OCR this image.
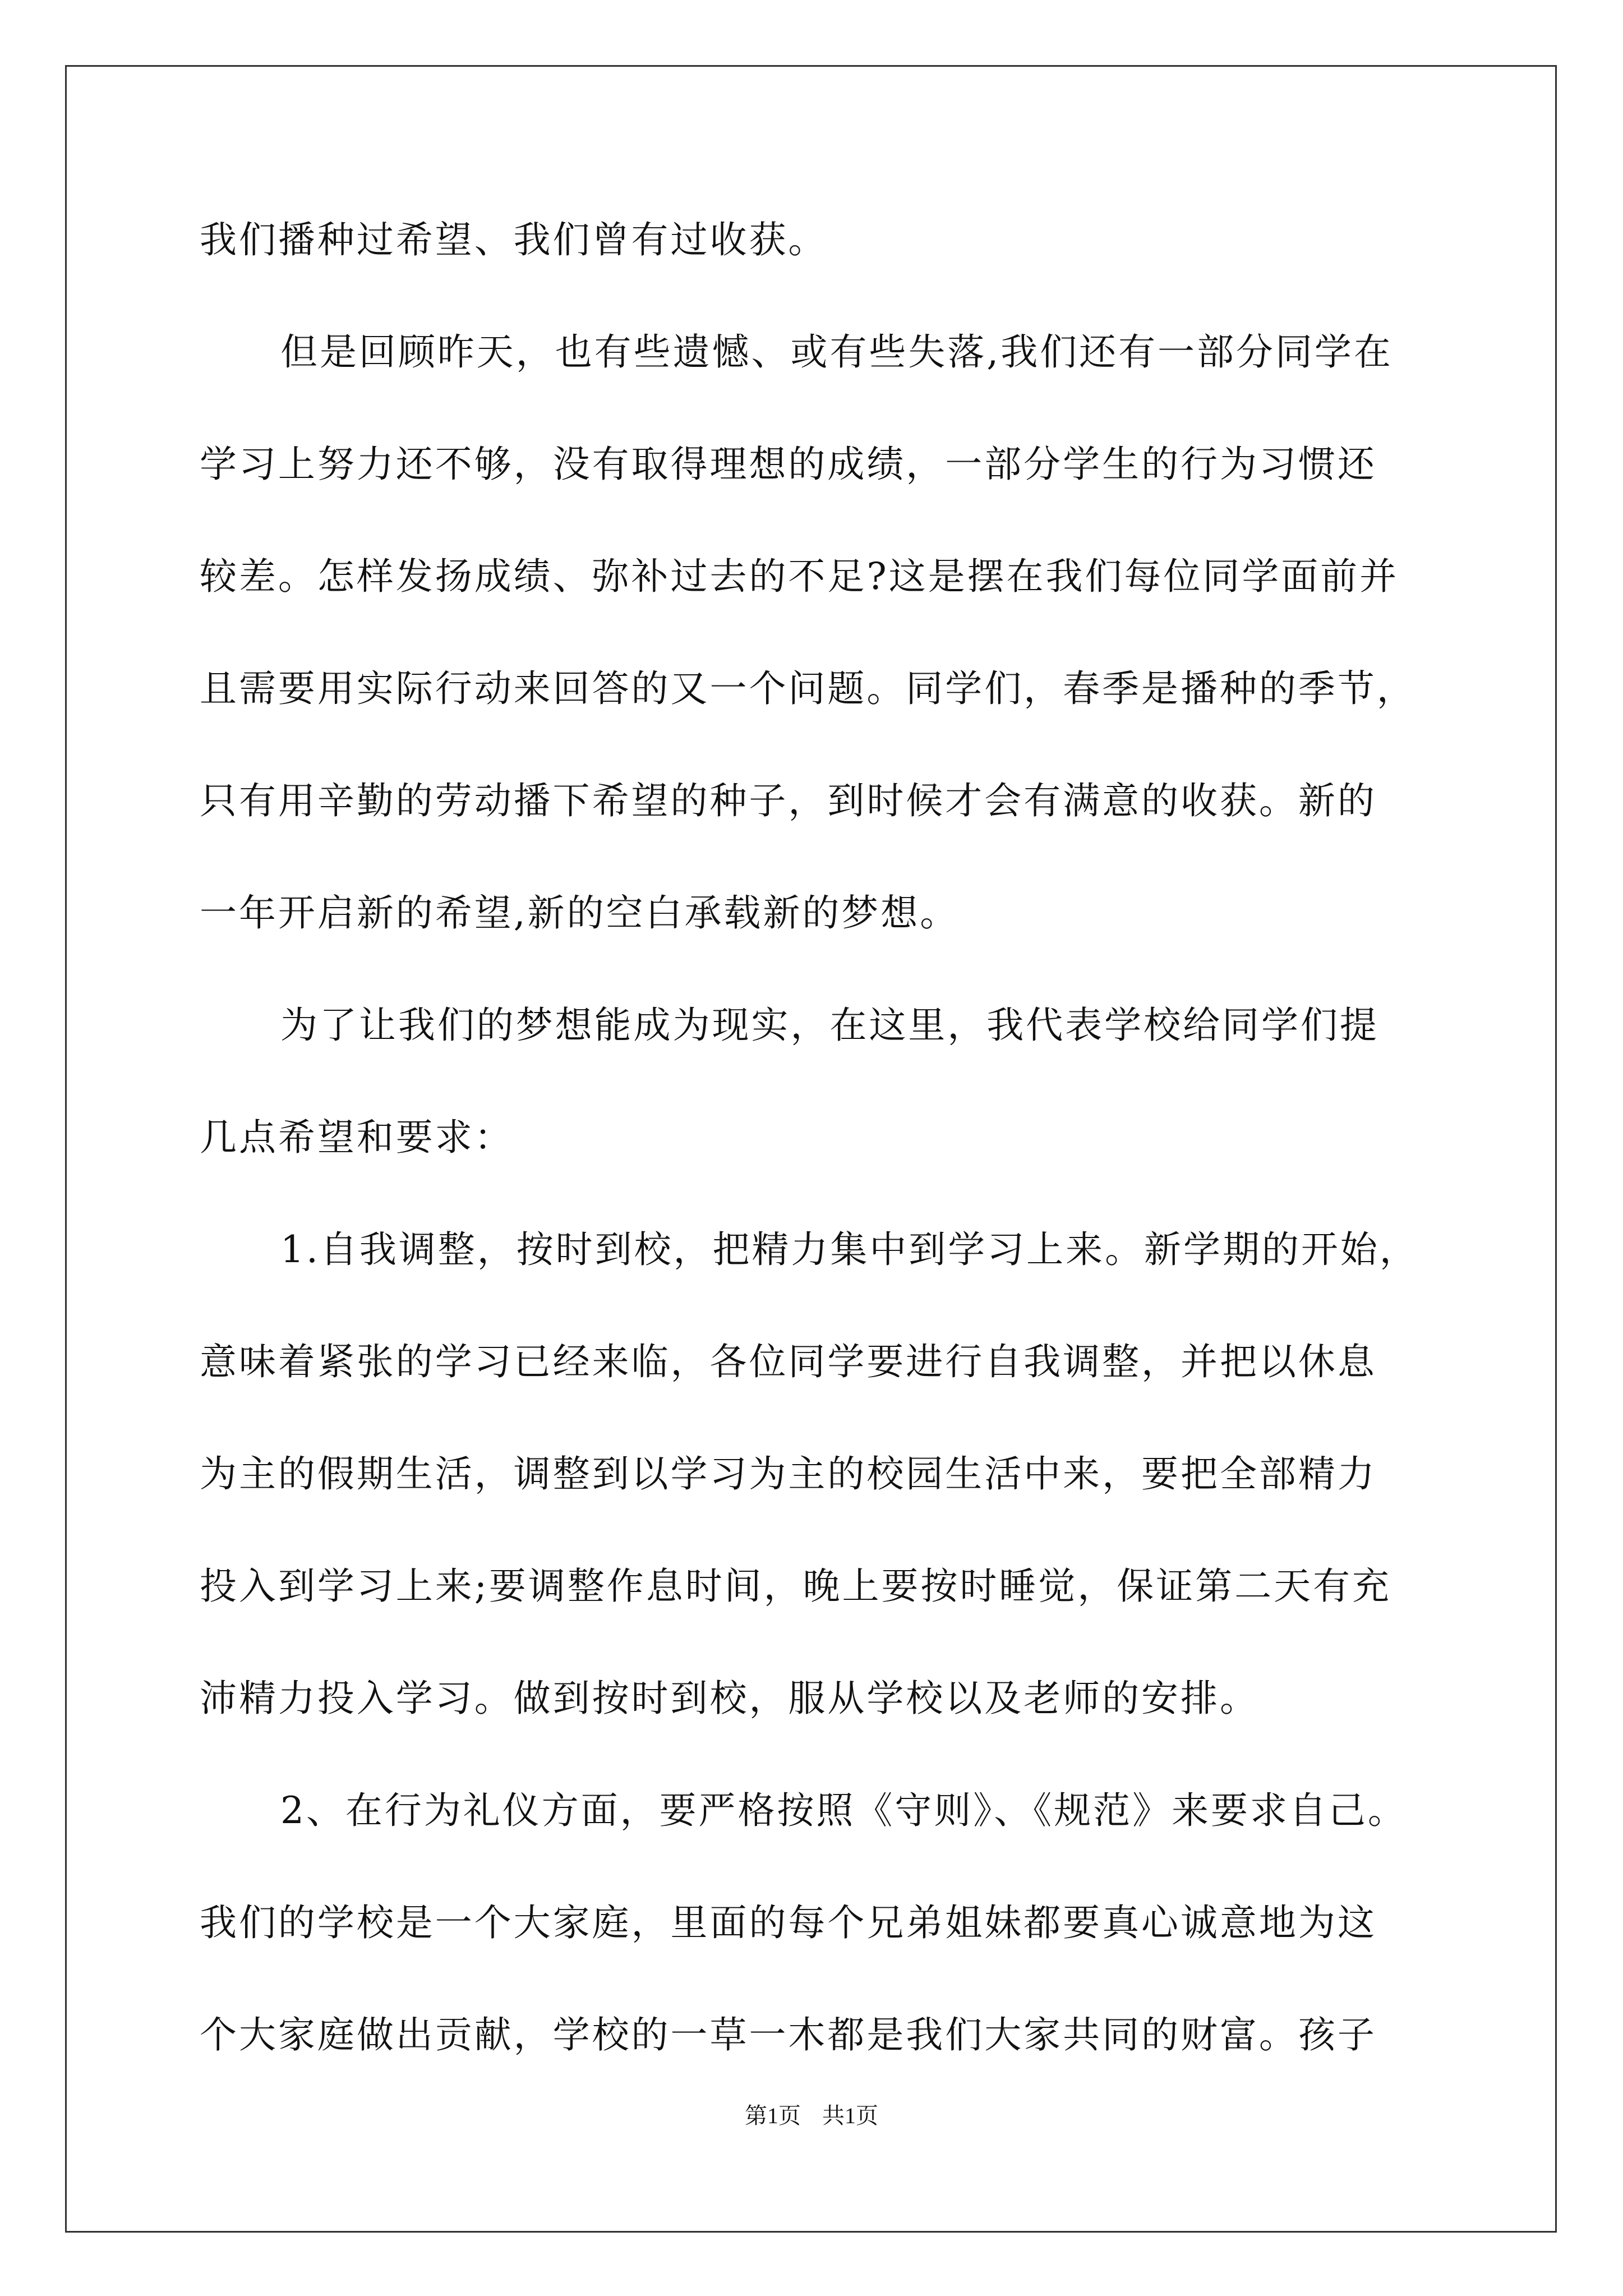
我们播种过希望、我们曾有过收获。
但是回顾昨天，也有些遗憾、或有些失落,我们还有一部分同学在
学习上努力还不够，没有取得理想的成绩，一部分学生的行为习惯还
较差。怎样发扬成绩、弥补过去的不足?这是摆在我们每位同学面前并
且需要用实际行动来回答的又一个问题。同学们，春季是播种的季节，
只有用辛勤的劳动播下希望的种子，到时候才会有满意的收获。新的
一年开启新的希望,新的空白承载新的梦想。
为了让我们的梦想能成为现实，在这里，我代表学校给同学们提
几点希望和要求：
1.自我调整，按时到校，把精力集中到学习上来。新学期的开始，
意味着紧张的学习已经来临，各位同学要进行自我调整，并把以休息
为主的假期生活，调整到以学习为主的校园生活中来，要把全部精力
投入到学习上来;要调整作息时间，晚上要按时睡觉，保证第二天有充
沛精力投入学习。做到按时到校，服从学校以及老师的安排。
2、在行为礼仪方面，要严格按照《守则》、《规范》来要求自己。
我们的学校是一个大家庭，里面的每个兄弟姐妹都要真心诚意地为这
个大家庭做出贡献，学校的一草一木都是我们大家共同的财富。孩子
第1页 共1页
